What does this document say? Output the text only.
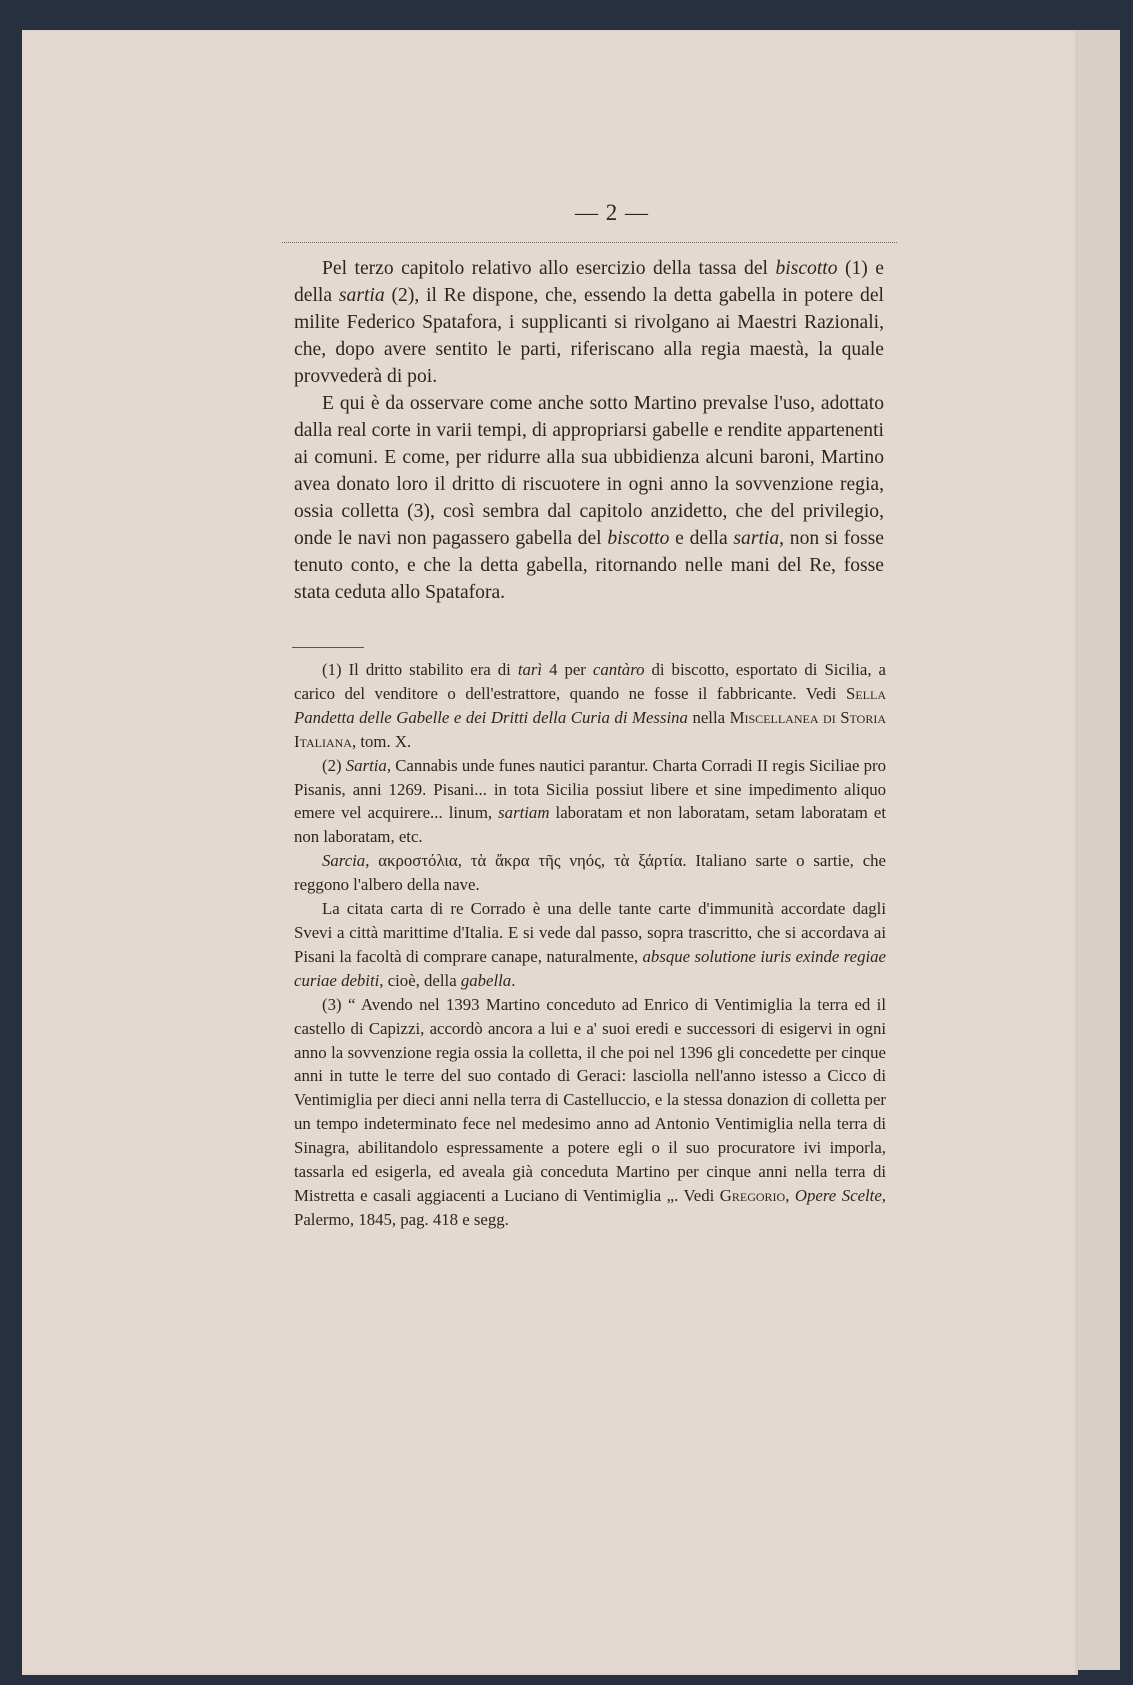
— 2 —

Pel terzo capitolo relativo allo esercizio della tassa del biscotto (1) e della sartia (2), il Re dispone, che, essendo la detta gabella in potere del milite Federico Spatafora, i supplicanti si rivolgano ai Maestri Razionali, che, dopo avere sentito le parti, riferiscano alla regia maestà, la quale provvederà di poi.

E qui è da osservare come anche sotto Martino prevalse l'uso, adottato dalla real corte in varii tempi, di appropriarsi gabelle e rendite appartenenti ai comuni. E come, per ridurre alla sua ubbidienza alcuni baroni, Martino avea donato loro il dritto di riscuotere in ogni anno la sovvenzione regia, ossia colletta (3), così sembra dal capitolo anzidetto, che del privilegio, onde le navi non pagassero gabella del biscotto e della sartia, non si fosse tenuto conto, e che la detta gabella, ritornando nelle mani del Re, fosse stata ceduta allo Spatafora.

(1) Il dritto stabilito era di tarì 4 per cantàro di biscotto, esportato di Sicilia, a carico del venditore o dell'estrattore, quando ne fosse il fabbricante. Vedi Sella Pandetta delle Gabelle e dei Dritti della Curia di Messina nella Miscellanea di Storia Italiana, tom. X.

(2) Sartia, Cannabis unde funes nautici parantur. Charta Corradi II regis Siciliae pro Pisanis, anni 1269. Pisani... in tota Sicilia possiut libere et sine impedimento aliquo emere vel acquirere... linum, sartiam laboratam et non laboratam, setam laboratam et non laboratam, etc.

Sarcia, ακροστόλια, τὰ ἄκρα τῆς νηός, τὰ ξάρτία. Italiano sarte o sartie, che reggono l'albero della nave.

La citata carta di re Corrado è una delle tante carte d'immunità accordate dagli Svevi a città marittime d'Italia. E si vede dal passo, sopra trascritto, che si accordava ai Pisani la facoltà di comprare canape, naturalmente, absque solutione iuris exinde regiae curiae debiti, cioè, della gabella.

(3) “ Avendo nel 1393 Martino conceduto ad Enrico di Ventimiglia la terra ed il castello di Capizzi, accordò ancora a lui e a' suoi eredi e successori di esigervi in ogni anno la sovvenzione regia ossia la colletta, il che poi nel 1396 gli concedette per cinque anni in tutte le terre del suo contado di Geraci: lasciolla nell'anno istesso a Cicco di Ventimiglia per dieci anni nella terra di Castelluccio, e la stessa donazion di colletta per un tempo indeterminato fece nel medesimo anno ad Antonio Ventimiglia nella terra di Sinagra, abilitandolo espressamente a potere egli o il suo procuratore ivi imporla, tassarla ed esigerla, ed aveala già conceduta Martino per cinque anni nella terra di Mistretta e casali aggiacenti a Luciano di Ventimiglia „. Vedi Gregorio, Opere Scelte, Palermo, 1845, pag. 418 e segg.
